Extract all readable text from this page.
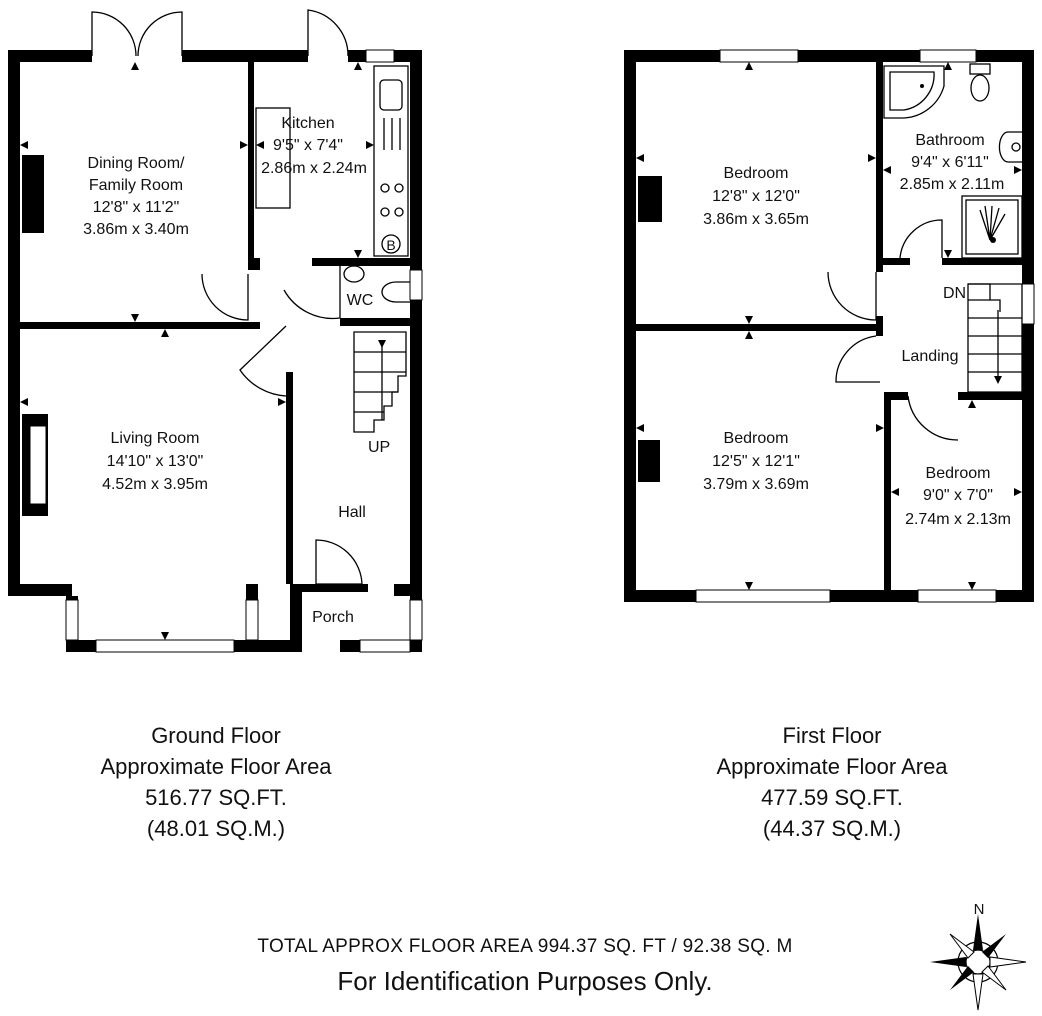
B
UP
Dining Room/
Family Room
12'8" x 11'2"
3.86m x 3.40m
Kitchen
9'5" x 7'4"
2.86m x 2.24m
WC
Living Room
14'10" x 13'0"
4.52m x 3.95m
Hall
Porch
DN
Bedroom
12'8" x 12'0"
3.86m x 3.65m
Bathroom
9'4" x 6'11"
2.85m x 2.11m
Landing
Bedroom
12'5" x 12'1"
3.79m x 3.69m
Bedroom
9'0" x 7'0"
2.74m x 2.13m
N
Ground Floor
Approximate Floor Area
516.77 SQ.FT.
(48.01 SQ.M.)
First Floor
Approximate Floor Area
477.59 SQ.FT.
(44.37 SQ.M.)
TOTAL APPROX FLOOR AREA 994.37 SQ. FT / 92.38 SQ. M
For Identification Purposes Only.
